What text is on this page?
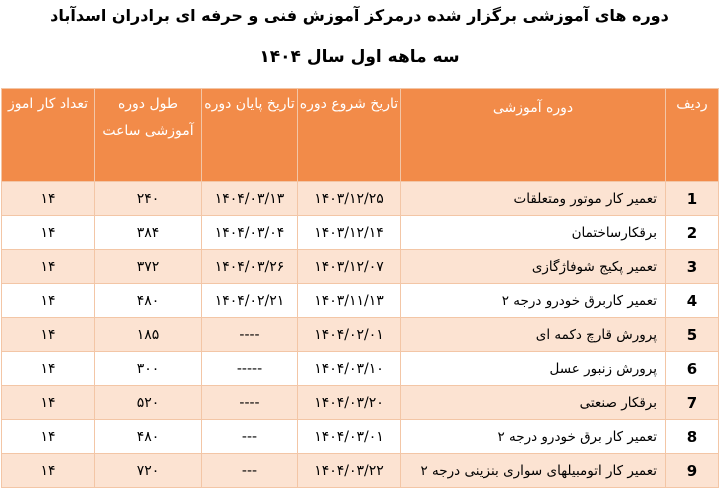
دوره های آموزشی برگزار شده درمرکز آموزش فنی و حرفه ای برادران اسدآباد
سه ماهه اول سال ۱۴۰۴
ردیف	دوره آموزشی	تاریخ شروع دوره	تاریخ پایان دوره	طول دوره آموزشی ساعت	تعداد کار اموز
1	تعمیر کار موتور ومتعلقات	۱۴۰۳/۱۲/۲۵	۱۴۰۴/۰۳/۱۳	۲۴۰	۱۴
2	برقکارساختمان	۱۴۰۳/۱۲/۱۴	۱۴۰۴/۰۳/۰۴	۳۸۴	۱۴
3	تعمیر پکیج شوفاژگازی	۱۴۰۳/۱۲/۰۷	۱۴۰۴/۰۳/۲۶	۳۷۲	۱۴
4	تعمیر کاربرق خودرو درجه ۲	۱۴۰۳/۱۱/۱۳	۱۴۰۴/۰۲/۲۱	۴۸۰	۱۴
5	پرورش قارچ دکمه ای	۱۴۰۴/۰۲/۰۱	----	۱۸۵	۱۴
6	پرورش زنبور عسل	۱۴۰۴/۰۳/۱۰	-----	۳۰۰	۱۴
7	برقکار صنعتی	۱۴۰۴/۰۳/۲۰	----	۵۲۰	۱۴
8	تعمیر کار برق خودرو درجه ۲	۱۴۰۴/۰۳/۰۱	---	۴۸۰	۱۴
9	تعمیر کار اتومبیلهای سواری بنزینی درجه ۲	۱۴۰۴/۰۳/۲۲	---	۷۲۰	۱۴
